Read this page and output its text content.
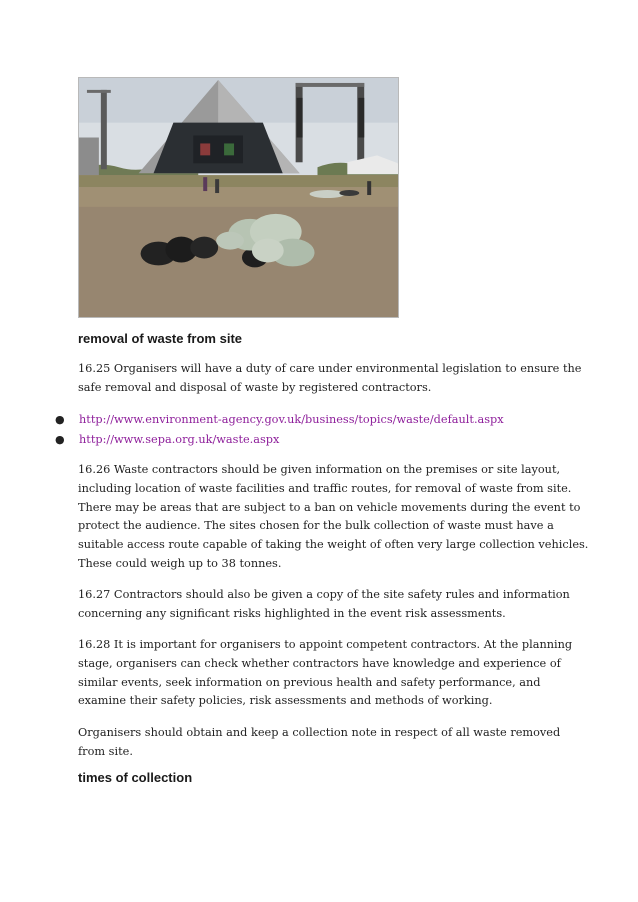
removal of waste from site

16.25 Organisers will have a duty of care under environmental legislation to ensure the
safe removal and disposal of waste by registered contractors.

● http://www.environment-agency.gov.uk/business/topics/waste/default.aspx
● http://www.sepa.org.uk/waste.aspx

16.26 Waste contractors should be given information on the premises or site layout,
including location of waste facilities and traffic routes, for removal of waste from site.
There may be areas that are subject to a ban on vehicle movements during the event to
protect the audience. The sites chosen for the bulk collection of waste must have a
suitable access route capable of taking the weight of often very large collection vehicles.
These could weigh up to 38 tonnes.

16.27 Contractors should also be given a copy of the site safety rules and information
concerning any significant risks highlighted in the event risk assessments.

16.28 It is important for organisers to appoint competent contractors. At the planning
stage, organisers can check whether contractors have knowledge and experience of
similar events, seek information on previous health and safety performance, and
examine their safety policies, risk assessments and methods of working.

Organisers should obtain and keep a collection note in respect of all waste removed
from site.

times of collection
